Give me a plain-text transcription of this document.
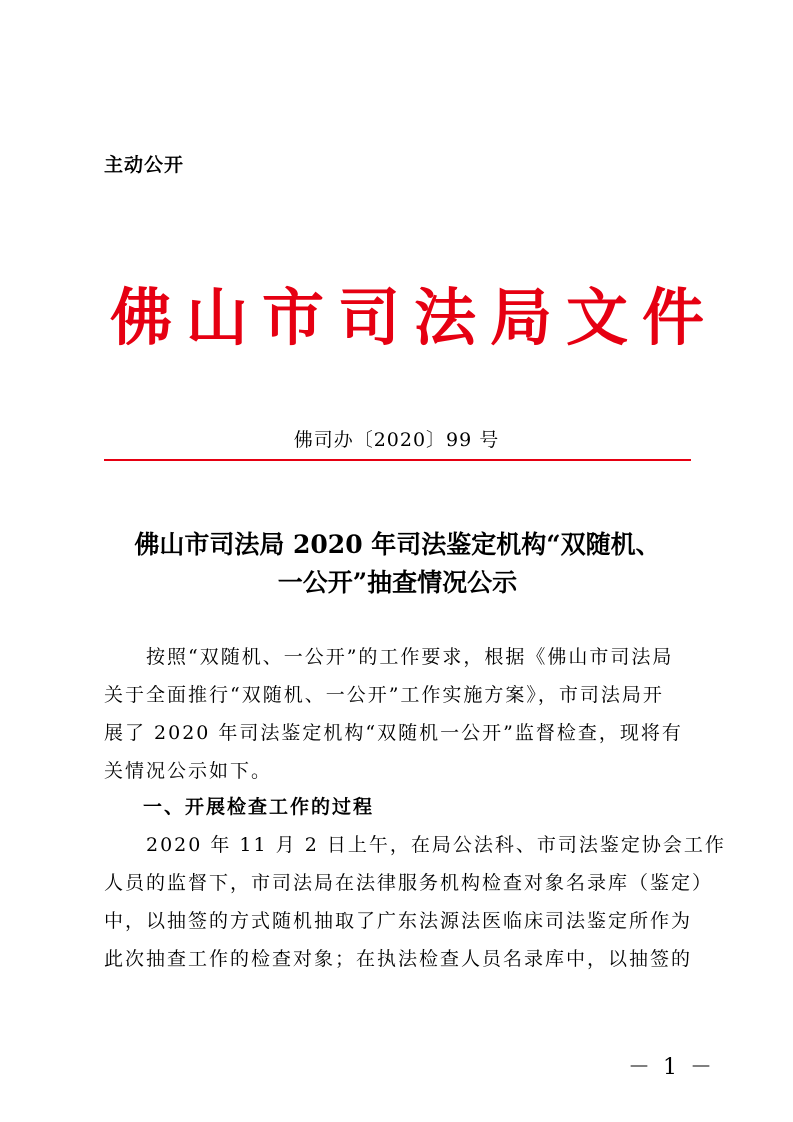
主动公开
佛山市司法局文件
佛司办〔2020〕99 号
佛山市司法局 2020 年司法鉴定机构“双随机、
一公开”抽查情况公示
　　按照“双随机、一公开”的工作要求，根据《佛山市司法局
关于全面推行“双随机、一公开”工作实施方案》，市司法局开
展了 2020 年司法鉴定机构“双随机一公开”监督检查，现将有
关情况公示如下。
一、开展检查工作的过程
　　2020 年 11 月 2 日上午，在局公法科、市司法鉴定协会工作
人员的监督下，市司法局在法律服务机构检查对象名录库（鉴定）
中，以抽签的方式随机抽取了广东法源法医临床司法鉴定所作为
此次抽查工作的检查对象；在执法检查人员名录库中，以抽签的
－ 1 －
